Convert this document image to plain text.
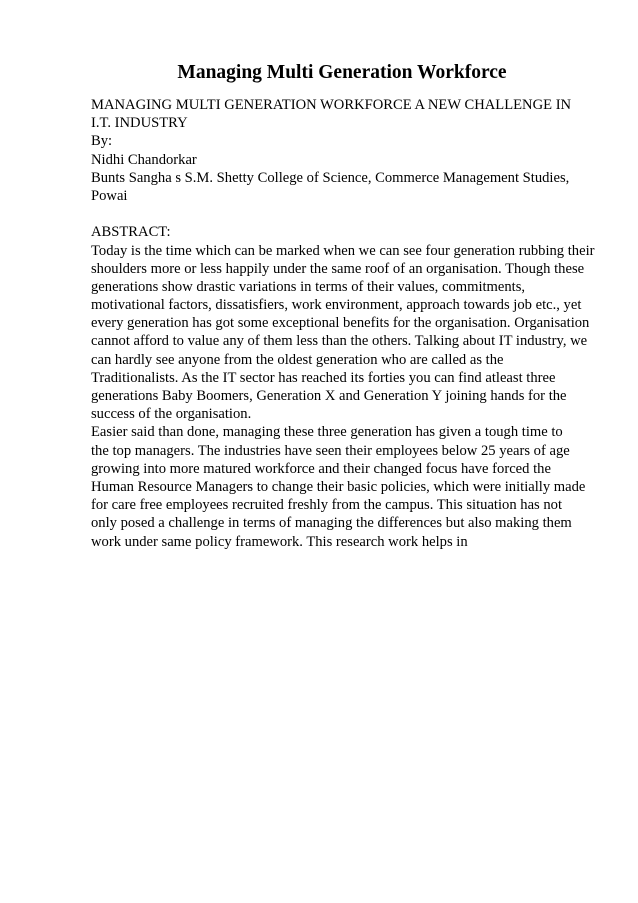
Managing Multi Generation Workforce
MANAGING MULTI GENERATION WORKFORCE A NEW CHALLENGE IN
I.T. INDUSTRY
By:
Nidhi Chandorkar
Bunts Sangha s S.M. Shetty College of Science, Commerce Management Studies,
Powai
ABSTRACT:
Today is the time which can be marked when we can see four generation rubbing their
shoulders more or less happily under the same roof of an organisation. Though these
generations show drastic variations in terms of their values, commitments,
motivational factors, dissatisfiers, work environment, approach towards job etc., yet
every generation has got some exceptional benefits for the organisation. Organisation
cannot afford to value any of them less than the others. Talking about IT industry, we
can hardly see anyone from the oldest generation who are called as the
Traditionalists. As the IT sector has reached its forties you can find atleast three
generations Baby Boomers, Generation X and Generation Y joining hands for the
success of the organisation.
Easier said than done, managing these three generation has given a tough time to
the top managers. The industries have seen their employees below 25 years of age
growing into more matured workforce and their changed focus have forced the
Human Resource Managers to change their basic policies, which were initially made
for care free employees recruited freshly from the campus. This situation has not
only posed a challenge in terms of managing the differences but also making them
work under same policy framework. This research work helps in
